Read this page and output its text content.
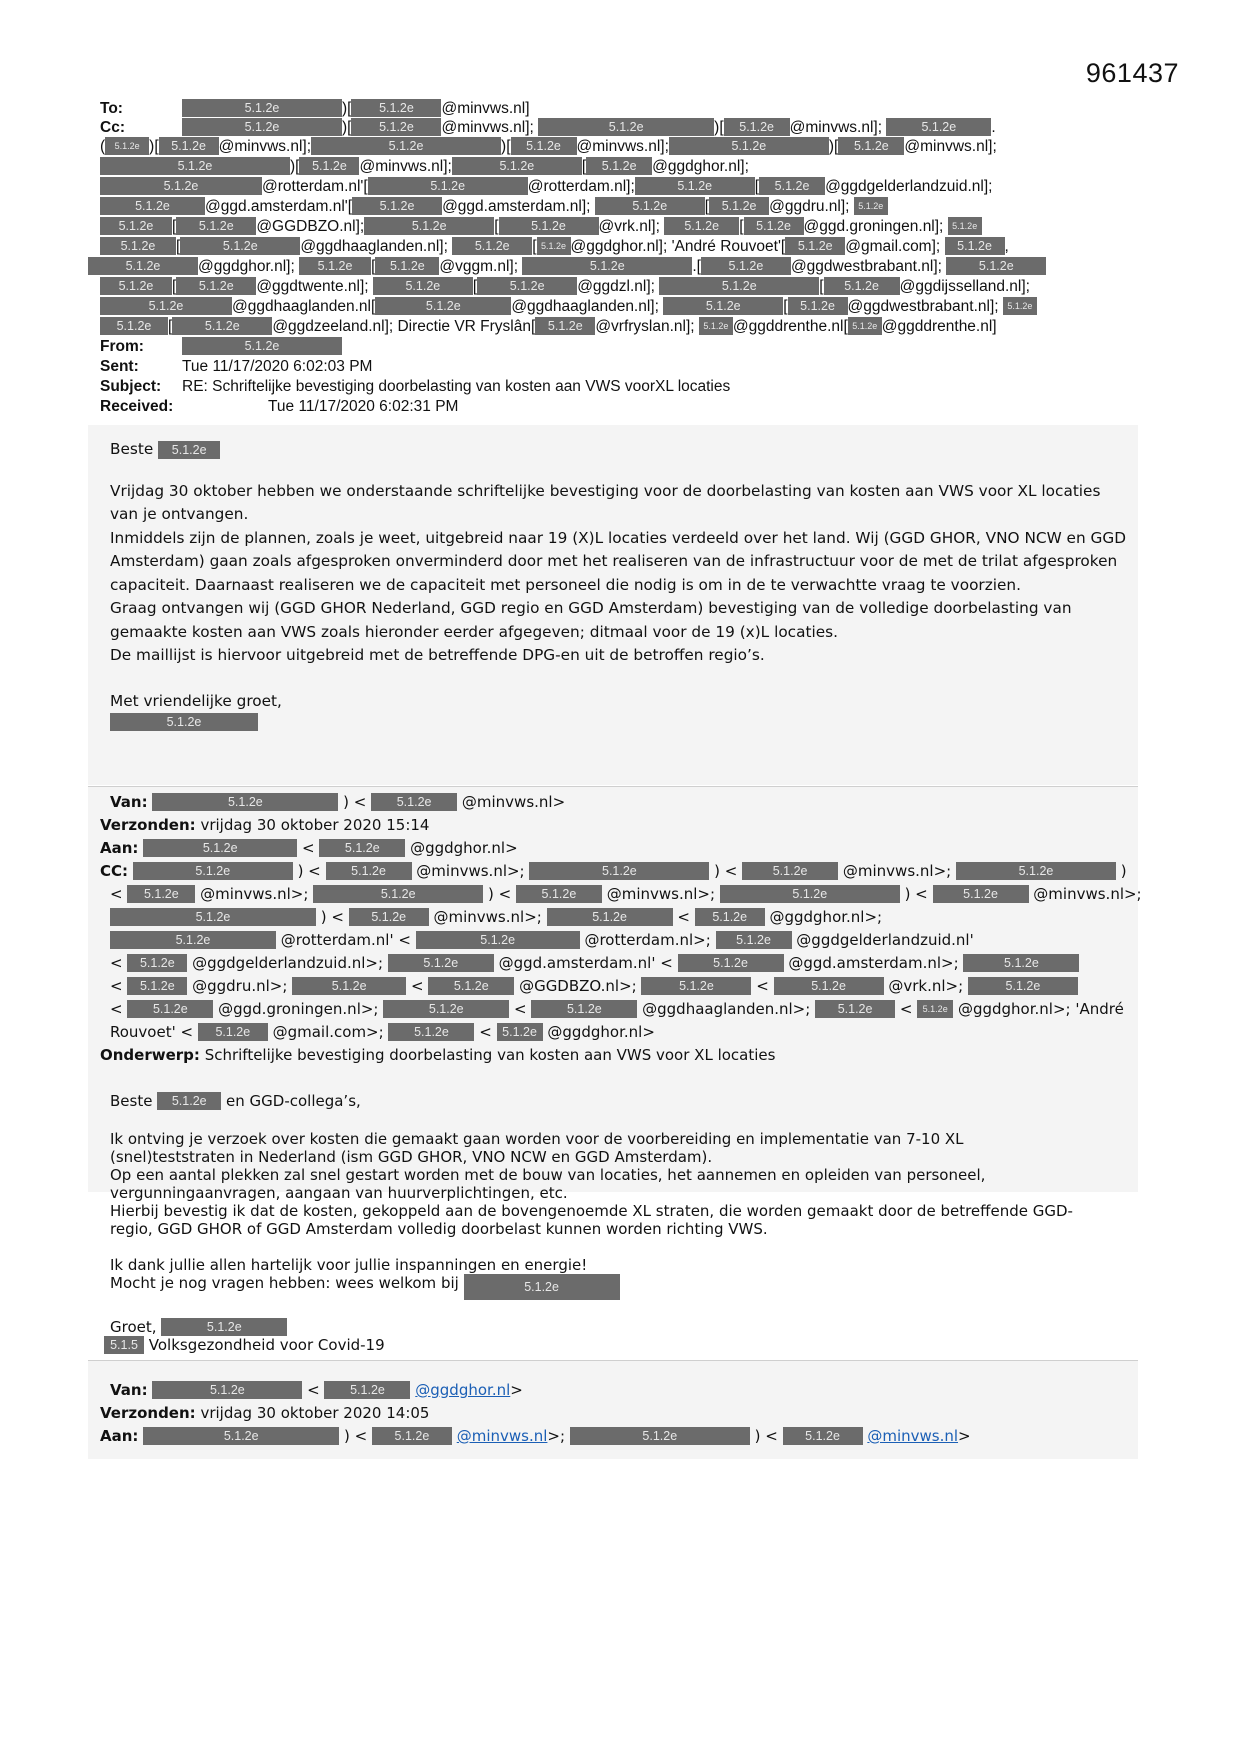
961437
To:	5.1.2e	)[ 5.1.2e @minvws.nl]
Cc:	5.1.2e	)[ 5.1.2e @minvws.nl];	5.1.2e	)[ 5.1.2e @minvws.nl];	5.1.2e .
( 5.1.2e )[ 5.1.2e @minvws.nl];	5.1.2e	)[ 5.1.2e @minvws.nl];	5.1.2e	)[ 5.1.2e @minvws.nl];
5.1.2e	)[ 5.1.2e @minvws.nl];	5.1.2e	[ 5.1.2e @ggdghor.nl];
5.1.2e	@rotterdam.nl'[	5.1.2e	@rotterdam.nl];	5.1.2e	[ 5.1.2e @ggdgelderlandzuid.nl];
5.1.2e @ggd.amsterdam.nl'[ 5.1.2e @ggd.amsterdam.nl];	5.1.2e [ 5.1.2e @ggdru.nl]; 5.1.2e
5.1.2e [ 5.1.2e @GGDBZO.nl];	5.1.2e	[	5.1.2e @vrk.nl]; 5.1.2e [ 5.1.2e @ggd.groningen.nl]; 5.1.2e
5.1.2e [	5.1.2e	@ggdhaaglanden.nl]; 5.1.2e [ 5.1.2e @ggdghor.nl]; 'André Rouvoet'[ 5.1.2e @gmail.com]; 5.1.2e ,
5.1.2e @ggdghor.nl]; 5.1.2e [ 5.1.2e @vggm.nl];	5.1.2e	.[ 5.1.2e @ggdwestbrabant.nl];	5.1.2e
5.1.2e [ 5.1.2e @ggdtwente.nl];	5.1.2e [	5.1.2e @ggdzl.nl];	5.1.2e	[ 5.1.2e @ggdijsselland.nl];
5.1.2e	@ggdhaaglanden.nl[	5.1.2e	@ggdhaaglanden.nl];	5.1.2e	[ 5.1.2e @ggdwestbrabant.nl]; 5.1.2e
5.1.2e [	5.1.2e @ggdzeeland.nl]; Directie VR Fryslân[ 5.1.2e @vrfryslan.nl]; 5.1.2e @ggddrenthe.nl[ 5.1.2e @ggddrenthe.nl]
From:	5.1.2e
Sent:	Tue 11/17/2020 6:02:03 PM
Subject: RE: Schriftelijke bevestiging doorbelasting van kosten aan VWS voorXL locaties
Received:	Tue 11/17/2020 6:02:31 PM

Beste 5.1.2e

Vrijdag 30 oktober hebben we onderstaande schriftelijke bevestiging voor de doorbelasting van kosten aan VWS voor XL locaties van je ontvangen.

Inmiddels zijn de plannen, zoals je weet, uitgebreid naar 19 (X)L locaties verdeeld over het land. Wij (GGD GHOR, VNO NCW en GGD Amsterdam) gaan zoals afgesproken onverminderd door met het realiseren van de infrastructuur voor de met de trilat afgesproken capaciteit. Daarnaast realiseren we de capaciteit met personeel die nodig is om in de te verwachtte vraag te voorzien.

Graag ontvangen wij (GGD GHOR Nederland, GGD regio en GGD Amsterdam) bevestiging van de volledige doorbelasting van gemaakte kosten aan VWS zoals hieronder eerder afgegeven; ditmaal voor de 19 (x)L locaties.

De maillijst is hiervoor uitgebreid met de betreffende DPG-en uit de betroffen regio’s.

Met vriendelijke groet,

5.1.2e
Van:	5.1.2e	) < 5.1.2e @minvws.nl>
Verzonden: vrijdag 30 oktober 2020 15:14
Aan:	5.1.2e	< 5.1.2e @ggdghor.nl>
CC:	5.1.2e	) < 5.1.2e @minvws.nl>;	5.1.2e	) < 5.1.2e @minvws.nl>;	5.1.2e	)
< 5.1.2e @minvws.nl>;	5.1.2e	) < 5.1.2e @minvws.nl>;	5.1.2e	) < 5.1.2e @minvws.nl>;
5.1.2e	) < 5.1.2e @minvws.nl>;	5.1.2e	< 5.1.2e @ggdghor.nl>;
5.1.2e	@rotterdam.nl' <	5.1.2e	@rotterdam.nl>; 5.1.2e @ggdgelderlandzuid.nl'
< 5.1.2e @ggdgelderlandzuid.nl>;	5.1.2e @ggd.amsterdam.nl' <	5.1.2e @ggd.amsterdam.nl>;	5.1.2e
< 5.1.2e @ggdru.nl>;	5.1.2e	< 5.1.2e @GGDBZO.nl>;	5.1.2e	<	5.1.2e	@vrk.nl>;	5.1.2e
< 5.1.2e @ggd.groningen.nl>;	5.1.2e	<	5.1.2e @ggdhaaglanden.nl>; 5.1.2e < 5.1.2e @ggdghor.nl>; 'André
Rouvoet' < 5.1.2e @gmail.com>; 5.1.2e < 5.1.2e @ggdghor.nl>
Onderwerp: Schriftelijke bevestiging doorbelasting van kosten aan VWS voor XL locaties
Beste 5.1.2e en GGD-collega’s,
Ik ontving je verzoek over kosten die gemaakt gaan worden voor de voorbereiding en implementatie van 7-10 XL
(snel)teststraten in Nederland (ism GGD GHOR, VNO NCW en GGD Amsterdam).
Op een aantal plekken zal snel gestart worden met de bouw van locaties, het aannemen en opleiden van personeel,
vergunningaanvragen, aangaan van huurverplichtingen, etc.
Hierbij bevestig ik dat de kosten, gekoppeld aan de bovengenoemde XL straten, die worden gemaakt door de betreffende GGD-
regio, GGD GHOR of GGD Amsterdam volledig doorbelast kunnen worden richting VWS.
Ik dank jullie allen hartelijk voor jullie inspanningen en energie!
Mocht je nog vragen hebben: wees welkom bij	5.1.2e
Groet,	5.1.2e
5.1.5 Volksgezondheid voor Covid-19
Van:	5.1.2e	< 5.1.2e @ggdghor.nl>
Verzonden: vrijdag 30 oktober 2020 14:05
Aan:	5.1.2e	) < 5.1.2e @minvws.nl>;	5.1.2e	) < 5.1.2e @minvws.nl>
